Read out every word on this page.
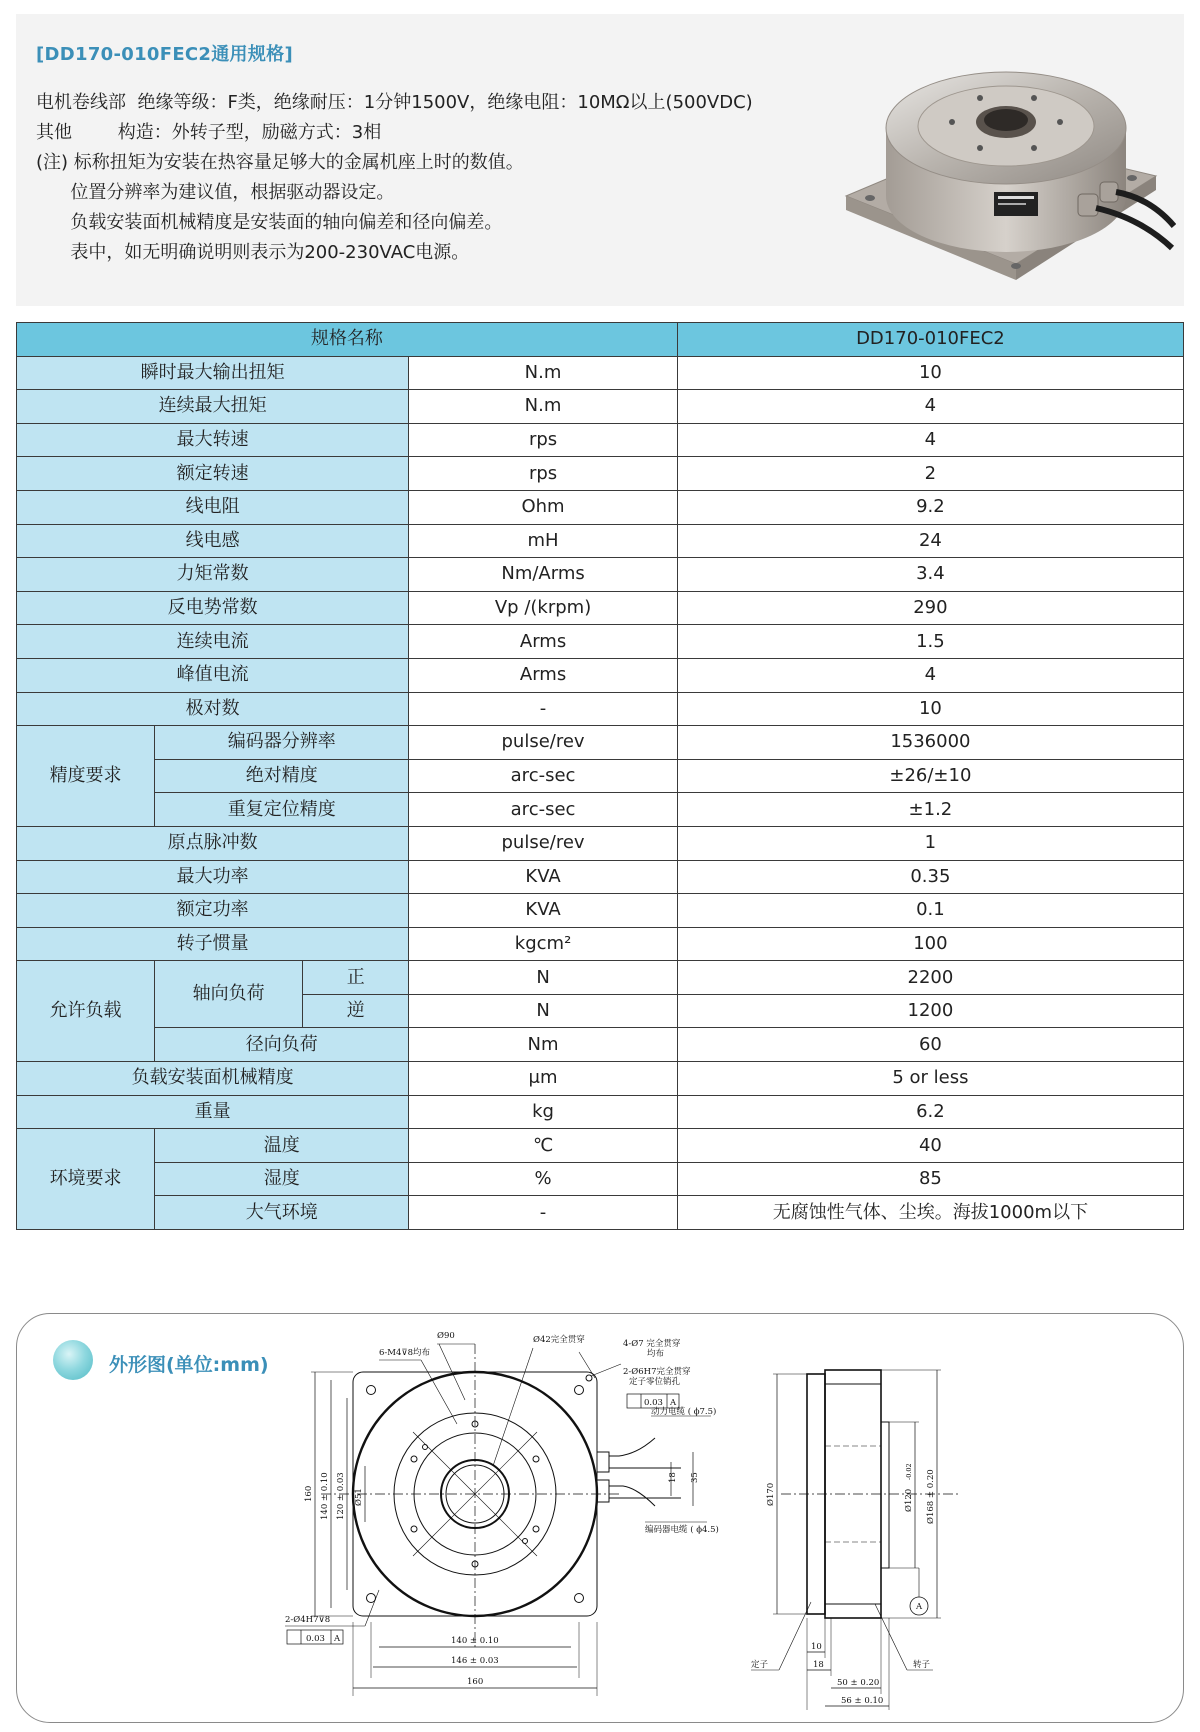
[DD170-010FEC2通用规格]
电机卷线部  绝缘等级：F类，绝缘耐压：1分钟1500V，绝缘电阻：10MΩ以上(500VDC)
其他        构造：外转子型，励磁方式：3相
(注) 标称扭矩为安装在热容量足够大的金属机座上时的数值。
位置分辨率为建议值，根据驱动器设定。
负载安装面机械精度是安装面的轴向偏差和径向偏差。
表中，如无明确说明则表示为200-230VAC电源。
规格名称				DD170-010FEC2
瞬时最大输出扭矩			N.m	10
连续最大扭矩			N.m	4
最大转速			rps	4
额定转速			rps	2
线电阻			Ohm	9.2
线电感			mH	24
力矩常数			Nm/Arms	3.4
反电势常数			Vp /(krpm)	290
连续电流			Arms	1.5
峰值电流			Arms	4
极对数			-	10
精度要求	编码器分辨率		pulse/rev	1536000
	绝对精度		arc-sec	±26/±10
	重复定位精度		arc-sec	±1.2
原点脉冲数			pulse/rev	1
最大功率			KVA	0.35
额定功率			KVA	0.1
转子惯量			kgcm²	100
允许负载	轴向负荷	正	N	2200
		逆	N	1200
	径向负荷		Nm	60
负载安装面机械精度			μm	5 or less
重量			kg	6.2
环境要求	温度		℃	40
	湿度		%	85
	大气环境		-	无腐蚀性气体、尘埃。海拔1000m以下
外形图(单位:mm)
Ø90	Ø42完全贯穿
6-M4⊽8均布
4-Ø7 完全贯穿
均布
2-Ø6H7完全贯穿
定子零位销孔
0.03 A
动力电缆 ( ϕ7.5)
编码器电缆 ( ϕ4.5)
18 35
160 140 ± 0.10 120 ± 0.03 Ø51
2-Ø4H7⊽8
0.03 A	140 ± 0.10
146 ± 0.03
160
Ø170	Ø120
-0.02 Ø168 ± 0.20
A
10
18
50 ± 0.20
56 ± 0.10
定子	转子
